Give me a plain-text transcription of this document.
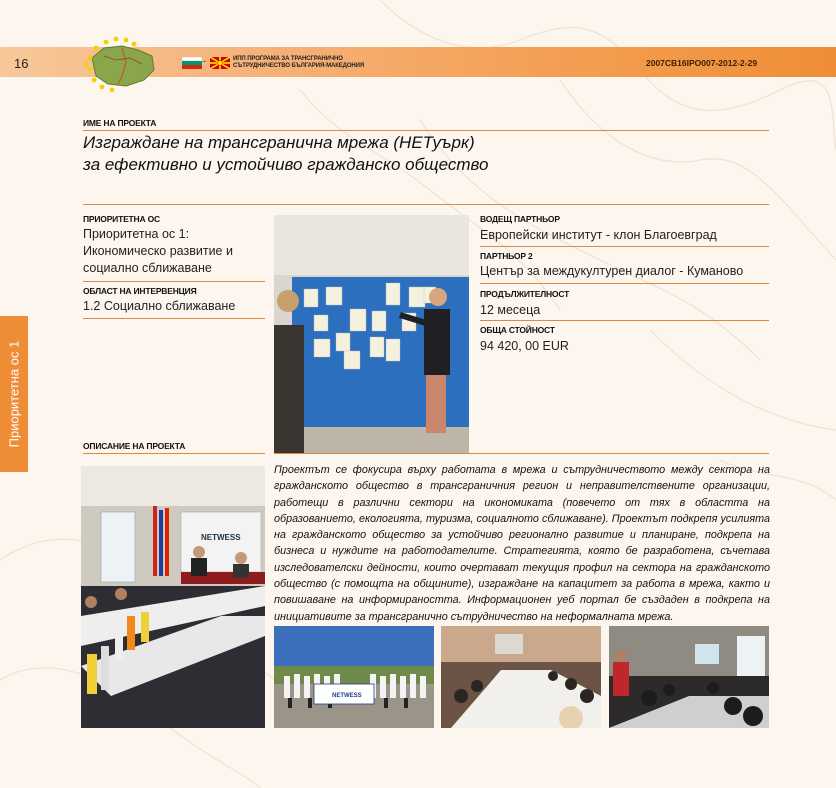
16	-	ИПП ПРОГРАМА ЗА ТРАНСГРАНИЧНО
СЪТРУДНИЧЕСТВО БЪЛГАРИЯ-МАКЕДОНИЯ	2007CB16IPO007-2012-2-29
Приоритетна ос 1
ИМЕ НА ПРОЕКТА
Изграждане на трансгранична мрежа (НЕТуърк)
за ефективно и устойчиво гражданско общество
ПРИОРИТЕТНА ОС
Приоритетна ос 1:
Икономическо развитие и
социално сближаване
ОБЛАСТ НА ИНТЕРВЕНЦИЯ
1.2 Социално сближаване
ВОДЕЩ ПАРТНЬОР
Европейски институт - клон Благоевград
ПАРТНЬОР 2
Център за междукултурен диалог - Куманово
ПРОДЪЛЖИТЕЛНОСТ
12 месеца
ОБЩА СТОЙНОСТ
94 420, 00 EUR
ОПИСАНИЕ НА ПРОЕКТА
NETWESS
Проектът се фокусира върху работата в мрежа и сътрудничеството между сектора на гражданското общество в трансграничния регион и неправителствените организации, работещи в различни сектори на икономиката (повечето от тях в областта на образованието, екологията, туризма, социалното сближаване). Проектът подкрепя усилията на гражданското общество за устойчиво регионално развитие и планиране, подкрепа на бизнеса и нуждите на работодателите. Стратегията, която бе разработена, съчетава изследователски дейности, които очертават текущия профил на сектора на гражданското общество (с помощта на общините), изграждане на капацитет за работа в мрежа, както и повишаване на информираността. Информационен уеб портал бе създаден в подкрепа на инициативите за трансгранично сътрудничество на неформалната мрежа.
NETWESS
